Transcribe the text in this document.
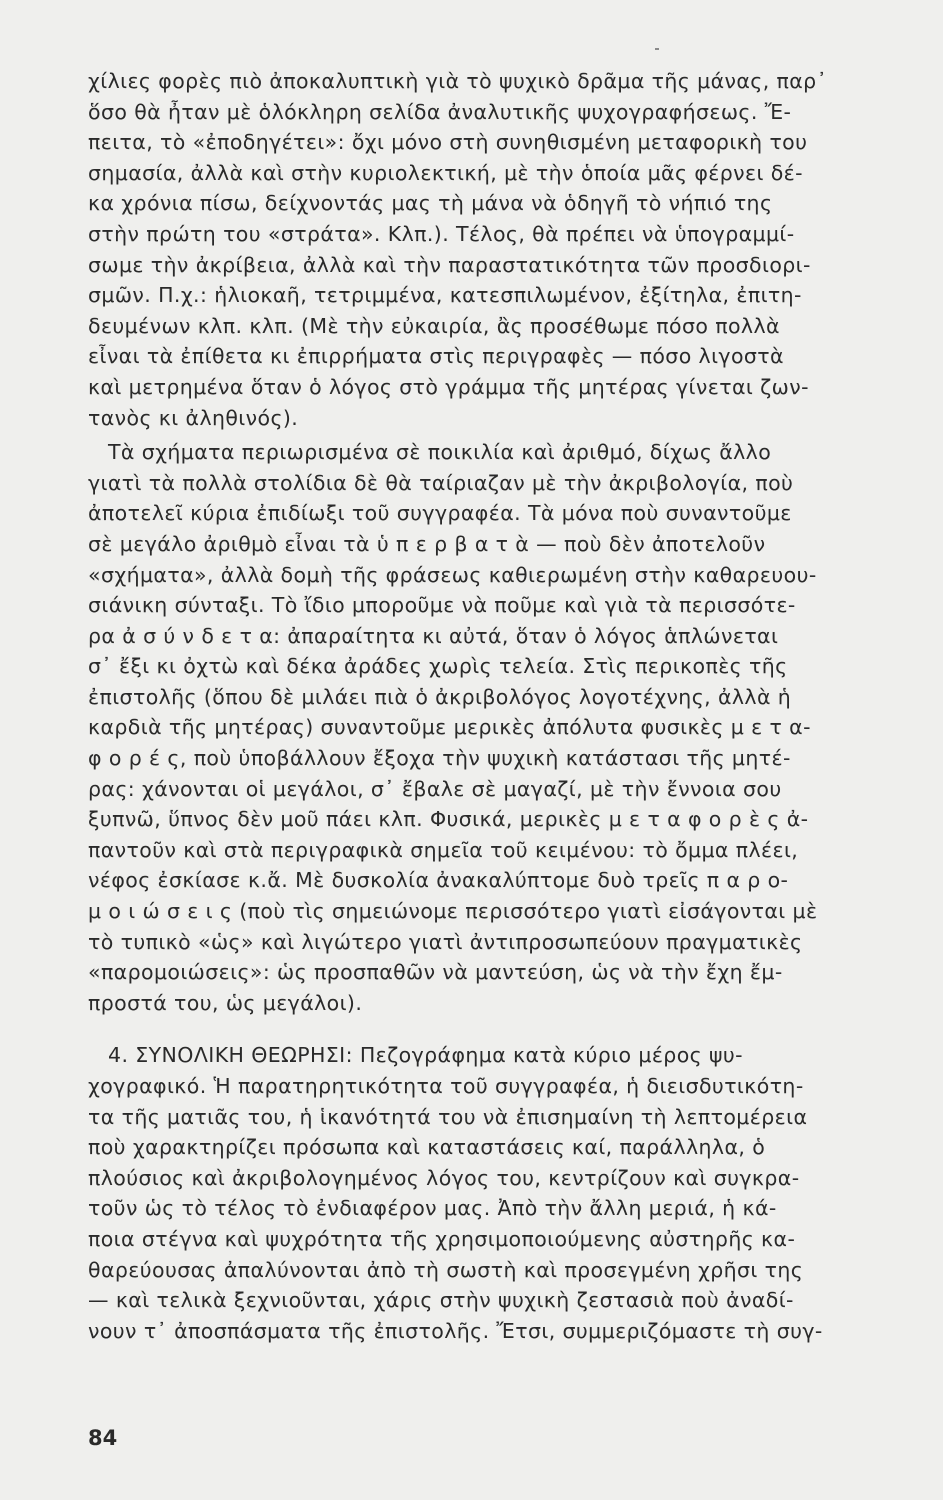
χίλιες φορὲς πιὸ ἀποκαλυπτικὴ γιὰ τὸ ψυχικὸ δρᾶμα τῆς μάνας, παρ᾽
ὅσο θὰ ἦταν μὲ ὁλόκληρη σελίδα ἀναλυτικῆς ψυχογραφήσεως. Ἔ-
πειτα, τὸ «ἐποδηγέτει»: ὄχι μόνο στὴ συνηθισμένη μεταφορικὴ του
σημασία, ἀλλὰ καὶ στὴν κυριολεκτική, μὲ τὴν ὁποία μᾶς φέρνει δέ-
κα χρόνια πίσω, δείχνοντάς μας τὴ μάνα νὰ ὁδηγῆ τὸ νήπιό της
στὴν πρώτη του «στράτα». Κλπ.). Τέλος, θὰ πρέπει νὰ ὑπογραμμί-
σωμε τὴν ἀκρίβεια, ἀλλὰ καὶ τὴν παραστατικότητα τῶν προσδιορι-
σμῶν. Π.χ.: ἡλιοκαῆ, τετριμμένα, κατεσπιλωμένον, ἐξίτηλα, ἐπιτη-
δευμένων κλπ. κλπ. (Μὲ τὴν εὐκαιρία, ἂς προσέθωμε πόσο πολλὰ
εἶναι τὰ ἐπίθετα κι ἐπιρρήματα στὶς περιγραφὲς — πόσο λιγοστὰ
καὶ μετρημένα ὅταν ὁ λόγος στὸ γράμμα τῆς μητέρας γίνεται ζων-
τανὸς κι ἀληθινός).
Τὰ σχήματα περιωρισμένα σὲ ποικιλία καὶ ἀριθμό, δίχως ἄλλο
γιατὶ τὰ πολλὰ στολίδια δὲ θὰ ταίριαζαν μὲ τὴν ἀκριβολογία, ποὺ
ἀποτελεῖ κύρια ἐπιδίωξι τοῦ συγγραφέα. Τὰ μόνα ποὺ συναντοῦμε
σὲ μεγάλο ἀριθμὸ εἶναι τὰ ὑ π ε ρ β α τ ὰ — ποὺ δὲν ἀποτελοῦν
«σχήματα», ἀλλὰ δομὴ τῆς φράσεως καθιερωμένη στὴν καθαρευου-
σιάνικη σύνταξι. Τὸ ἴδιο μποροῦμε νὰ ποῦμε καὶ γιὰ τὰ περισσότε-
ρα ἀ σ ύ ν δ ε τ α: ἀπαραίτητα κι αὐτά, ὅταν ὁ λόγος ἁπλώνεται
σ᾽ ἔξι κι ὀχτὼ καὶ δέκα ἀράδες χωρὶς τελεία. Στὶς περικοπὲς τῆς
ἐπιστολῆς (ὅπου δὲ μιλάει πιὰ ὁ ἀκριβολόγος λογοτέχνης, ἀλλὰ ἡ
καρδιὰ τῆς μητέρας) συναντοῦμε μερικὲς ἀπόλυτα φυσικὲς μ ε τ α-
φ ο ρ έ ς, ποὺ ὑποβάλλουν ἔξοχα τὴν ψυχικὴ κατάστασι τῆς μητέ-
ρας: χάνονται οἱ μεγάλοι, σ᾽ ἔβαλε σὲ μαγαζί, μὲ τὴν ἔννοια σου
ξυπνῶ, ὕπνος δὲν μοῦ πάει κλπ. Φυσικά, μερικὲς μ ε τ α φ ο ρ ὲ ς ἀ-
παντοῦν καὶ στὰ περιγραφικὰ σημεῖα τοῦ κειμένου: τὸ ὄμμα πλέει,
νέφος ἐσκίασε κ.ἄ. Μὲ δυσκολία ἀνακαλύπτομε δυὸ τρεῖς π α ρ ο-
μ ο ι ώ σ ε ι ς (ποὺ τὶς σημειώνομε περισσότερο γιατὶ εἰσάγονται μὲ
τὸ τυπικὸ «ὡς» καὶ λιγώτερο γιατὶ ἀντιπροσωπεύουν πραγματικὲς
«παρομοιώσεις»: ὡς προσπαθῶν νὰ μαντεύση, ὡς νὰ τὴν ἔχη ἔμ-
προστά του, ὡς μεγάλοι).
4. ΣΥΝΟΛΙΚΗ ΘΕΩΡΗΣΙ: Πεζογράφημα κατὰ κύριο μέρος ψυ-
χογραφικό. Ἡ παρατηρητικότητα τοῦ συγγραφέα, ἡ διεισδυτικότη-
τα τῆς ματιᾶς του, ἡ ἱκανότητά του νὰ ἐπισημαίνη τὴ λεπτομέρεια
ποὺ χαρακτηρίζει πρόσωπα καὶ καταστάσεις καί, παράλληλα, ὁ
πλούσιος καὶ ἀκριβολογημένος λόγος του, κεντρίζουν καὶ συγκρα-
τοῦν ὡς τὸ τέλος τὸ ἐνδιαφέρον μας. Ἀπὸ τὴν ἄλλη μεριά, ἡ κά-
ποια στέγνα καὶ ψυχρότητα τῆς χρησιμοποιούμενης αὐστηρῆς κα-
θαρεύουσας ἀπαλύνονται ἀπὸ τὴ σωστὴ καὶ προσεγμένη χρῆσι της
— καὶ τελικὰ ξεχνιοῦνται, χάρις στὴν ψυχικὴ ζεστασιὰ ποὺ ἀναδί-
νουν τ᾽ ἀποσπάσματα τῆς ἐπιστολῆς. Ἔτσι, συμμεριζόμαστε τὴ συγ-
84
